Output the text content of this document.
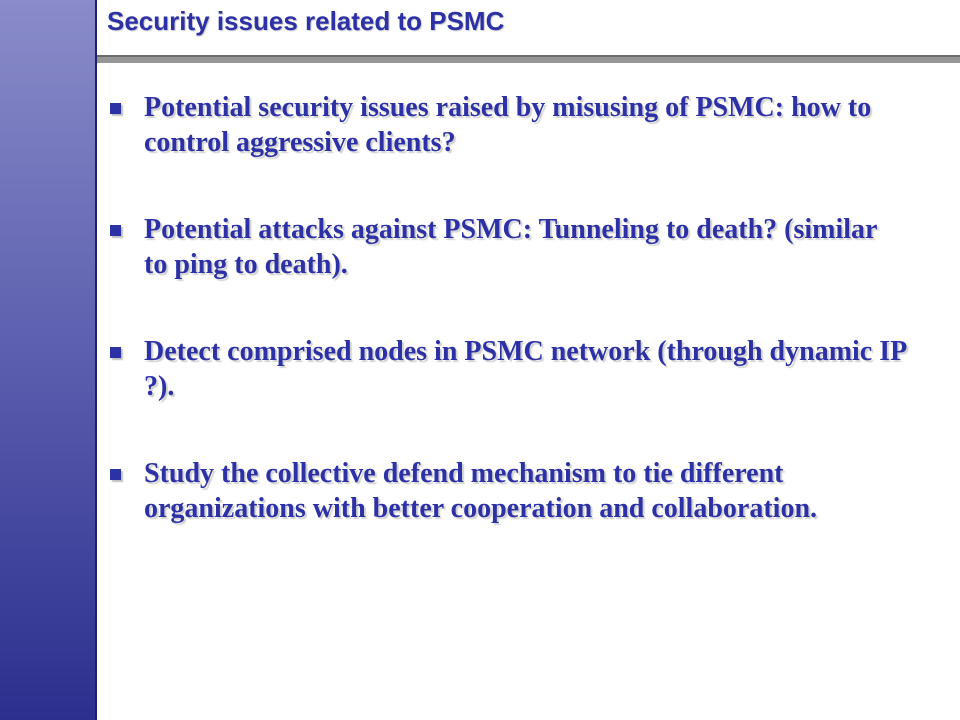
Security issues related to PSMC
Potential security issues raised by misusing of PSMC: how to control aggressive clients?
Potential attacks against PSMC: Tunneling to death? (similar to ping to death).
Detect comprised nodes in PSMC network (through dynamic IP ?).
Study the collective defend mechanism to tie different organizations with better cooperation and collaboration.
